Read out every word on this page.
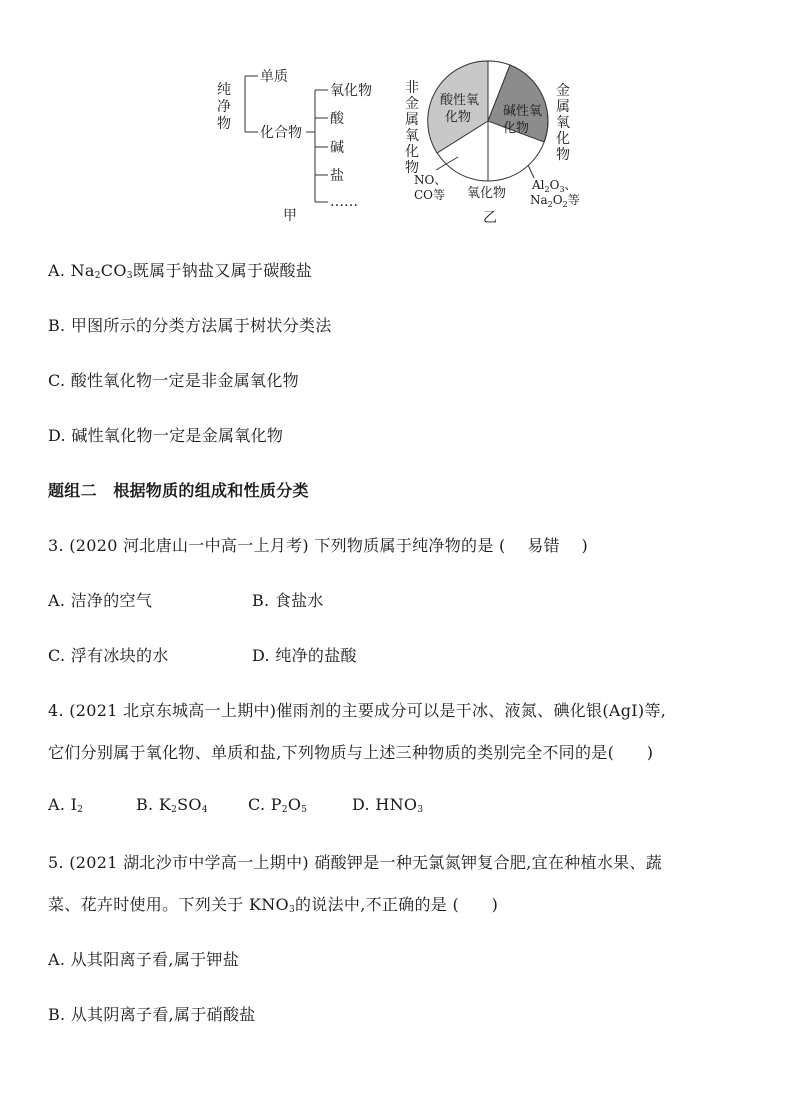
纯
净
物
单质
化合物
氧化物
酸
碱
盐
……
甲
非
金
属
氧
化
物
酸性氧
化物 碱性氧
化物
金
属
氧
化
物
NO、
CO等 氧化物
$Al_2O_3$、
$Na_2O_2$等
乙
A. $Na_2CO_3$既属于钠盐又属于碳酸盐
B. 甲图所示的分类方法属于树状分类法
C. 酸性氧化物一定是非金属氧化物
D. 碱性氧化物一定是金属氧化物
题组二　根据物质的组成和性质分类
3. (2020 河北唐山一中高一上月考) 下列物质属于纯净物的是 (　 易错　 )
A. 洁净的空气	B. 食盐水
C. 浮有冰块的水	D. 纯净的盐酸
4. (2021 北京东城高一上期中)催雨剂的主要成分可以是干冰、液氮、碘化银(AgI)等,
它们分别属于氧化物、单质和盐,下列物质与上述三种物质的类别完全不同的是(　　)
A. $I_2$	B. $K_2SO_4$	C. $P_2O_5$	D. $HNO_3$
5. (2021 湖北沙市中学高一上期中) 硝酸钾是一种无氯氮钾复合肥,宜在种植水果、蔬
菜、花卉时使用。下列关于 $KNO_3$的说法中,不正确的是 (　　)
A. 从其阳离子看,属于钾盐
B. 从其阴离子看,属于硝酸盐
